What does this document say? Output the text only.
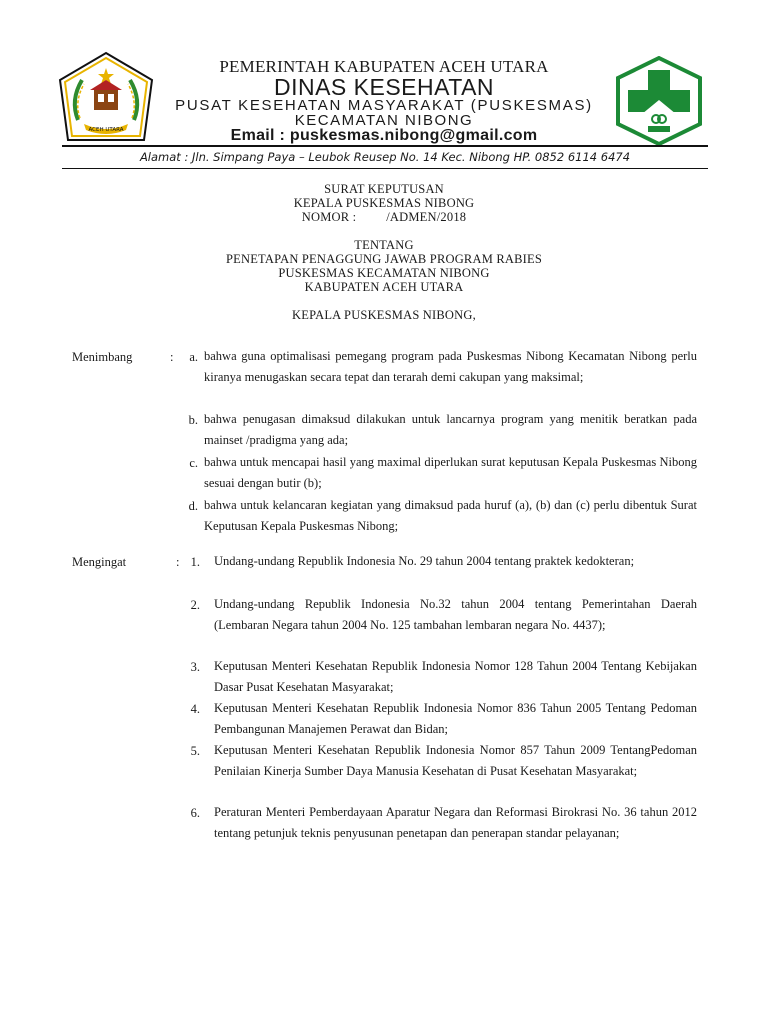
ACEH UTARA
PEMERINTAH KABUPATEN ACEH UTARA
DINAS KESEHATAN
PUSAT KESEHATAN MASYARAKAT (PUSKESMAS)
KECAMATAN NIBONG
Email : puskesmas.nibong@gmail.com
Alamat : Jln. Simpang Paya – Leubok Reusep No. 14 Kec. Nibong HP. 0852 6114 6474
SURAT KEPUTUSAN
KEPALA PUSKESMAS NIBONG
NOMOR :         /ADMEN/2018
TENTANG
PENETAPAN PENAGGUNG JAWAB PROGRAM RABIES
PUSKESMAS KECAMATAN NIBONG
KABUPATEN ACEH UTARA
KEPALA PUSKESMAS NIBONG,
Menimbang	:	a. bahwa guna optimalisasi pemegang program pada Puskesmas Nibong Kecamatan Nibong perlu kiranya menugaskan secara tepat dan terarah demi cakupan yang maksimal;

b. bahwa penugasan dimaksud dilakukan untuk lancarnya program yang menitik beratkan pada mainset /pradigma yang ada;

c. bahwa untuk mencapai hasil yang maximal diperlukan surat keputusan Kepala Puskesmas Nibong sesuai dengan butir (b);

d. bahwa untuk kelancaran kegiatan yang dimaksud pada huruf (a), (b) dan (c) perlu dibentuk Surat Keputusan Kepala Puskesmas Nibong;

Mengingat	: 1. Undang-undang Republik Indonesia No. 29 tahun 2004 tentang praktek kedokteran;

2. Undang-undang Republik Indonesia No.32 tahun 2004 tentang Pemerintahan Daerah (Lembaran Negara tahun 2004 No. 125 tambahan lembaran negara No. 4437);

3. Keputusan Menteri Kesehatan Republik Indonesia Nomor 128 Tahun 2004 Tentang Kebijakan Dasar Pusat Kesehatan Masyarakat;

4. Keputusan Menteri Kesehatan Republik Indonesia Nomor 836 Tahun 2005 Tentang Pedoman Pembangunan Manajemen Perawat dan Bidan;

5. Keputusan Menteri Kesehatan Republik Indonesia Nomor 857 Tahun 2009 TentangPedoman Penilaian Kinerja Sumber Daya Manusia Kesehatan di Pusat Kesehatan Masyarakat;

6. Peraturan Menteri Pemberdayaan Aparatur Negara dan Reformasi Birokrasi No. 36 tahun 2012 tentang petunjuk teknis penyusunan penetapan dan penerapan standar pelayanan;
